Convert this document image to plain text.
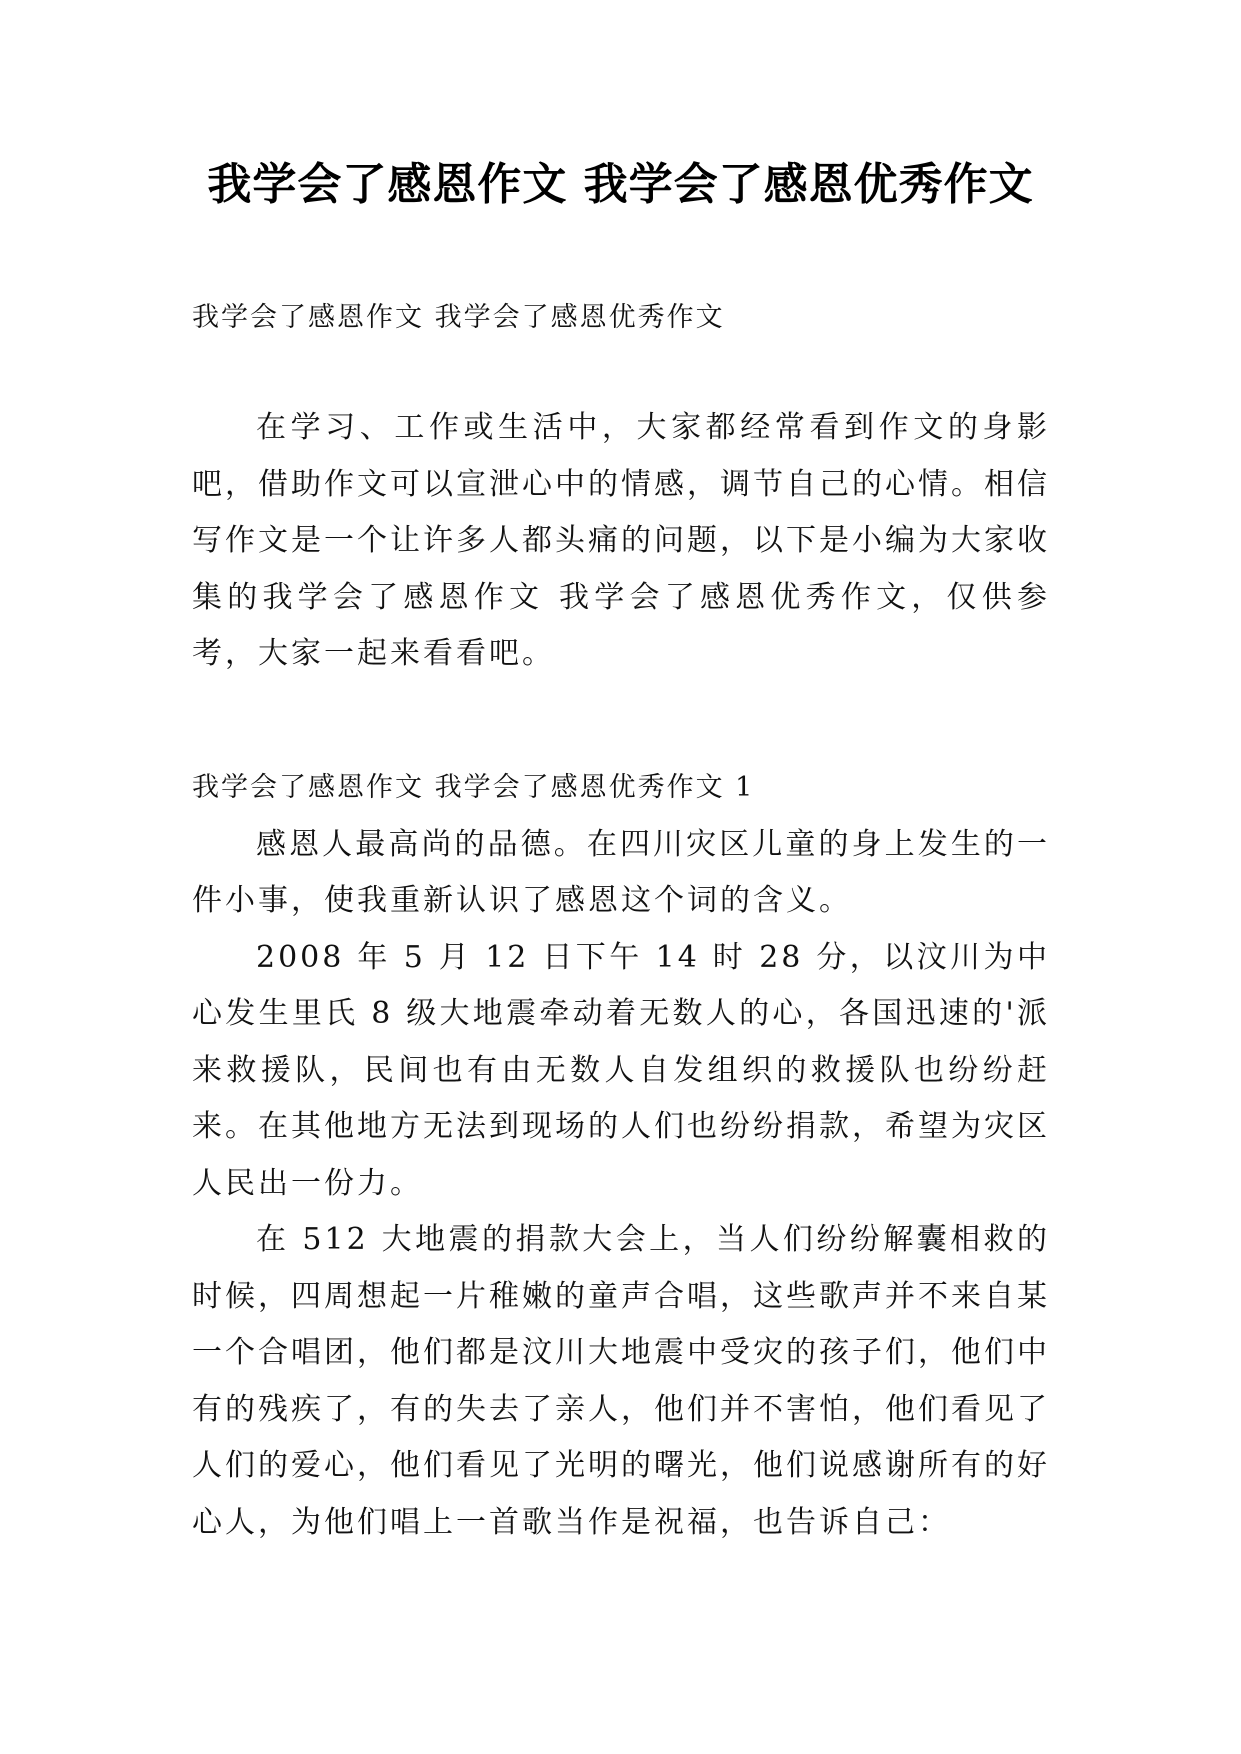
我学会了感恩作文 我学会了感恩优秀作文
我学会了感恩作文 我学会了感恩优秀作文

在学习、工作或生活中，大家都经常看到作文的身影吧，借助作文可以宣泄心中的情感，调节自己的心情。相信写作文是一个让许多人都头痛的问题，以下是小编为大家收集的我学会了感恩作文 我学会了感恩优秀作文，仅供参考，大家一起来看看吧。

我学会了感恩作文 我学会了感恩优秀作文 1

感恩人最高尚的品德。在四川灾区儿童的身上发生的一件小事，使我重新认识了感恩这个词的含义。

2008 年 5 月 12 日下午 14 时 28 分，以汶川为中心发生里氏 8 级大地震牵动着无数人的心，各国迅速的'派来救援队，民间也有由无数人自发组织的救援队也纷纷赶来。在其他地方无法到现场的人们也纷纷捐款，希望为灾区人民出一份力。

在 512 大地震的捐款大会上，当人们纷纷解囊相救的时候，四周想起一片稚嫩的童声合唱，这些歌声并不来自某一个合唱团，他们都是汶川大地震中受灾的孩子们，他们中有的残疾了，有的失去了亲人，他们并不害怕，他们看见了人们的爱心，他们看见了光明的曙光，他们说感谢所有的好心人，为他们唱上一首歌当作是祝福，也告诉自己：
